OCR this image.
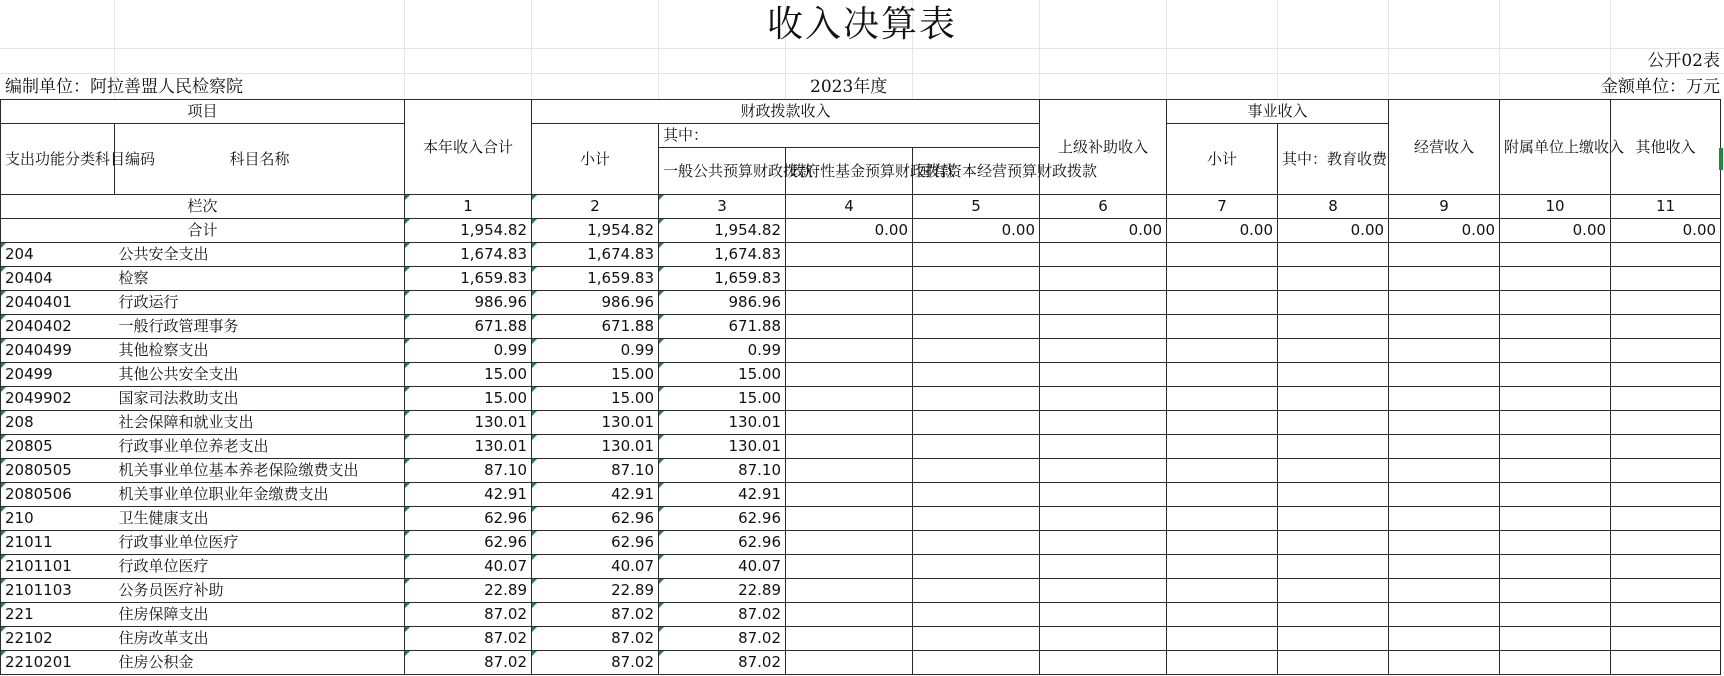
收入决算表
公开02表
编制单位：阿拉善盟人民检察院	2023年度	金额单位：万元
项目		本年收入合计	财政拨款收入				上级补助收入	事业收入		经营收入	附属单位上缴收入	其他收入
支出功能分类科目编码	科目名称		小计	其中：				小计	其中：教育收费			
				一般公共预算财政拨款	政府性基金预算财政拨款	国有资本经营预算财政拨款						
栏次		1	2	3	4	5	6	7	8	9	10	11
合计		1,954.82	1,954.82	1,954.82	0.00	0.00	0.00	0.00	0.00	0.00	0.00	0.00
204	公共安全支出	1,674.83	1,674.83	1,674.83								
20404	检察	1,659.83	1,659.83	1,659.83								
2040401	行政运行	986.96	986.96	986.96								
2040402	一般行政管理事务	671.88	671.88	671.88								
2040499	其他检察支出	0.99	0.99	0.99								
20499	其他公共安全支出	15.00	15.00	15.00								
2049902	国家司法救助支出	15.00	15.00	15.00								
208	社会保障和就业支出	130.01	130.01	130.01								
20805	行政事业单位养老支出	130.01	130.01	130.01								
2080505	机关事业单位基本养老保险缴费支出	87.10	87.10	87.10								
2080506	机关事业单位职业年金缴费支出	42.91	42.91	42.91								
210	卫生健康支出	62.96	62.96	62.96								
21011	行政事业单位医疗	62.96	62.96	62.96								
2101101	行政单位医疗	40.07	40.07	40.07								
2101103	公务员医疗补助	22.89	22.89	22.89								
221	住房保障支出	87.02	87.02	87.02								
22102	住房改革支出	87.02	87.02	87.02								
2210201	住房公积金	87.02	87.02	87.02								
